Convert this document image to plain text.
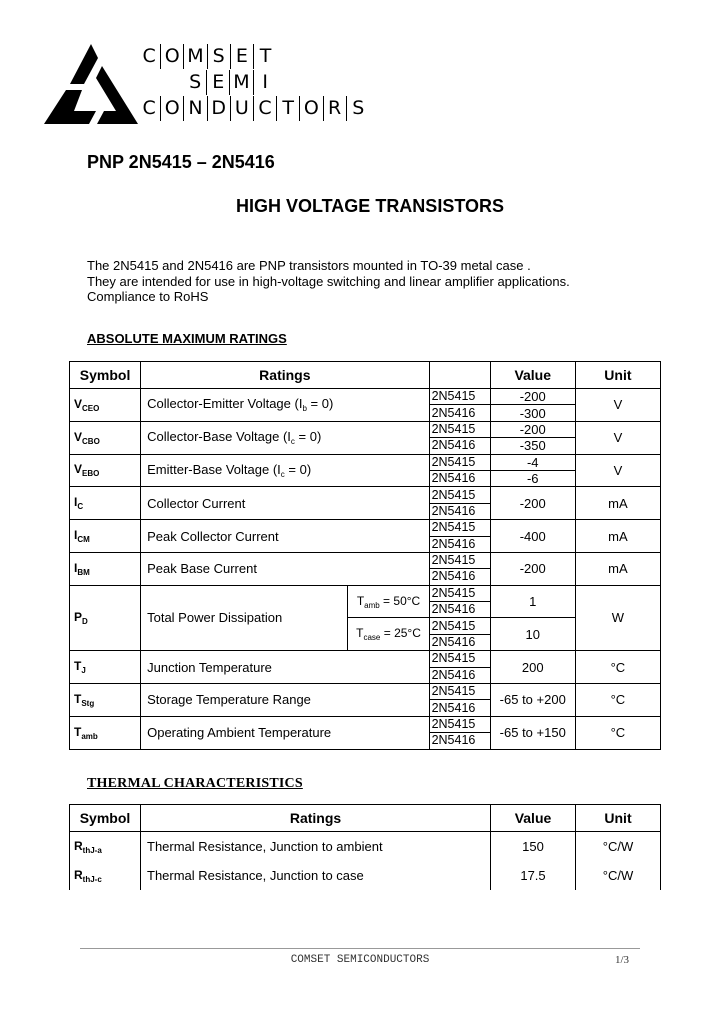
C O M S E T
S E M I
C O N D U C T O R S
PNP 2N5415 – 2N5416
HIGH VOLTAGE TRANSISTORS
The 2N5415 and 2N5416 are PNP transistors mounted in TO-39 metal case .
They are intended for use in high-voltage switching and linear amplifier applications.
Compliance to RoHS
ABSOLUTE MAXIMUM RATINGS
Symbol	Ratings			Value	Unit
$V_{CEO}$	Collector-Emitter Voltage $(I_b = 0)$		2N5415	-200	V
			2N5416	-300	
$V_{CBO}$	Collector-Base Voltage $(I_c = 0)$		2N5415	-200	V
			2N5416	-350	
$V_{EBO}$	Emitter-Base Voltage $(I_c = 0)$		2N5415	-4	V
			2N5416	-6	
$I_C$	Collector Current		2N5415	-200	mA
			2N5416		
$I_{CM}$	Peak Collector Current		2N5415	-400	mA
			2N5416		
$I_{BM}$	Peak Base Current		2N5415	-200	mA
			2N5416		
$P_D$	Total Power Dissipation	$T_{amb} = 50^\circ C$	2N5415	1	W
			2N5416		
		$T_{case} = 25^\circ C$	2N5415	10	
			2N5416		
$T_J$	Junction Temperature		2N5415	200	°C
			2N5416		
$T_{Stg}$	Storage Temperature Range		2N5415	-65 to +200	°C
			2N5416		
$T_{amb}$	Operating Ambient Temperature		2N5415	-65 to +150	°C
			2N5416		
THERMAL CHARACTERISTICS
Symbol	Ratings	Value	Unit
$R_{thJ-a}$	Thermal Resistance, Junction to ambient	150	°C/W
$R_{thJ-c}$	Thermal Resistance, Junction to case	17.5	°C/W
COMSET SEMICONDUCTORS	1/3
